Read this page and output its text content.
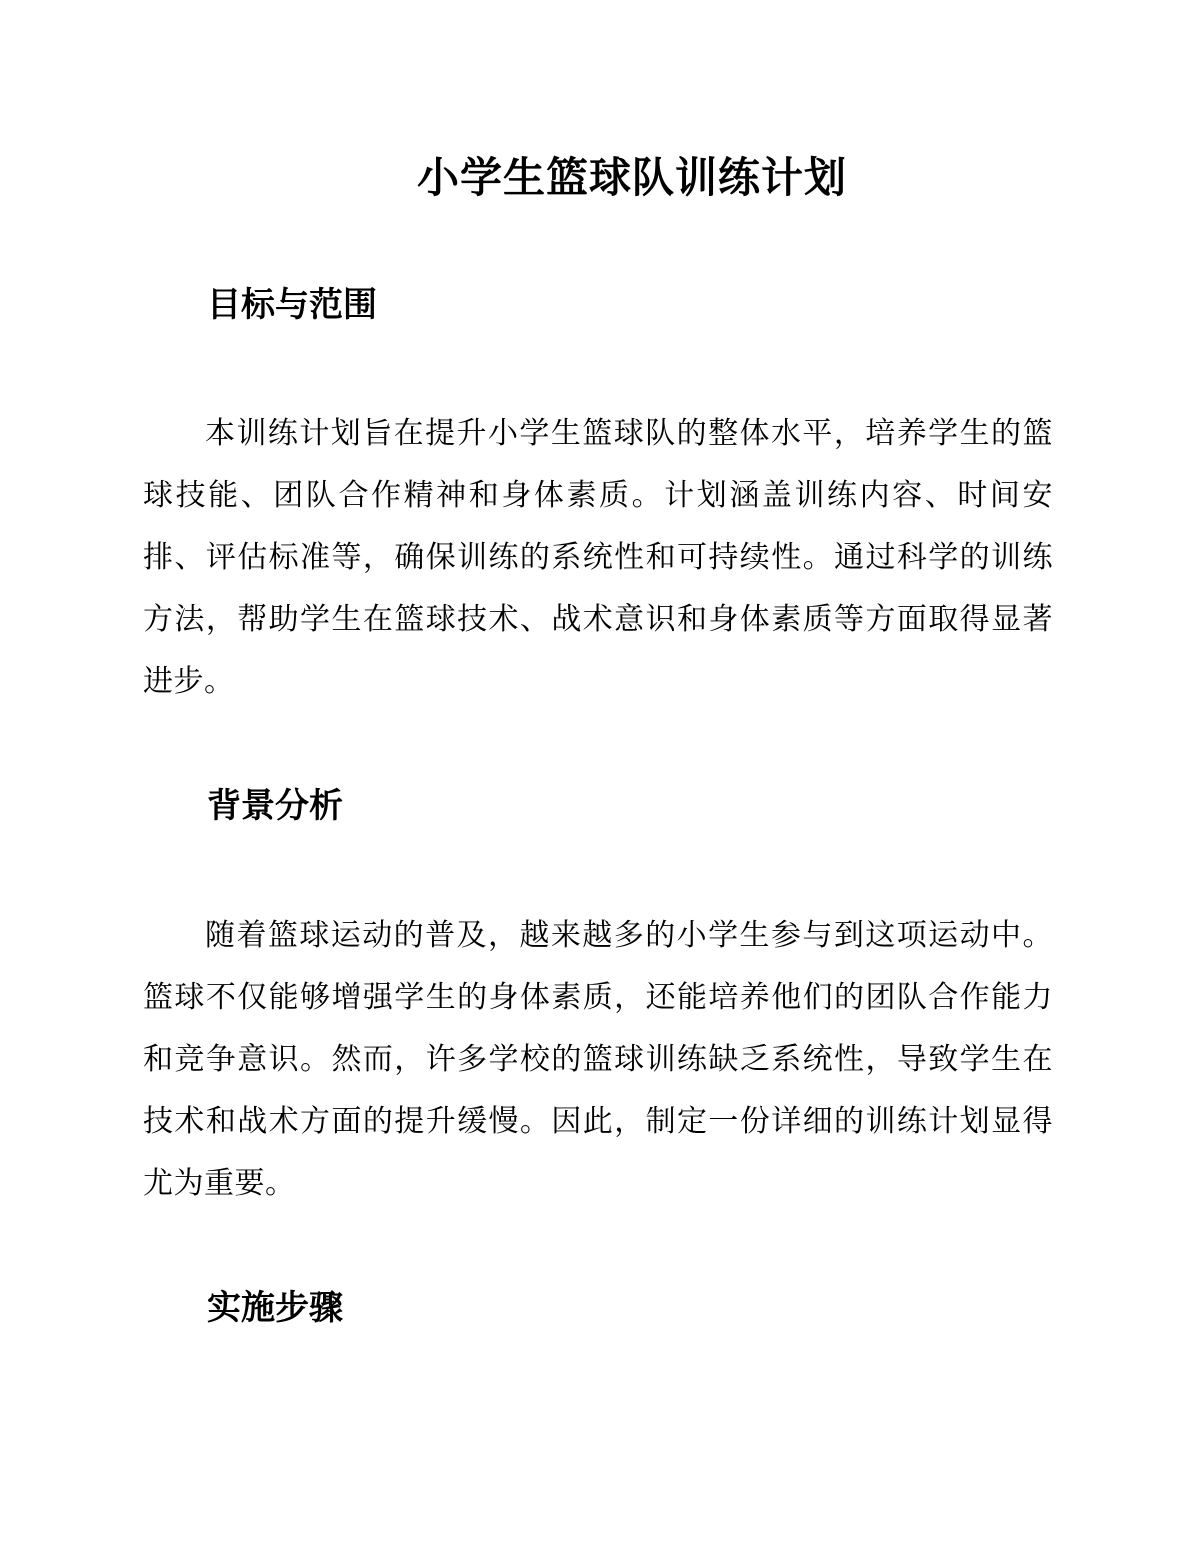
小学生篮球队训练计划
目标与范围

本训练计划旨在提升小学生篮球队的整体水平，培养学生的篮球技能、团队合作精神和身体素质。计划涵盖训练内容、时间安排、评估标准等，确保训练的系统性和可持续性。通过科学的训练方法，帮助学生在篮球技术、战术意识和身体素质等方面取得显著进步。

背景分析

随着篮球运动的普及，越来越多的小学生参与到这项运动中。篮球不仅能够增强学生的身体素质，还能培养他们的团队合作能力和竞争意识。然而，许多学校的篮球训练缺乏系统性，导致学生在技术和战术方面的提升缓慢。因此，制定一份详细的训练计划显得尤为重要。

实施步骤
